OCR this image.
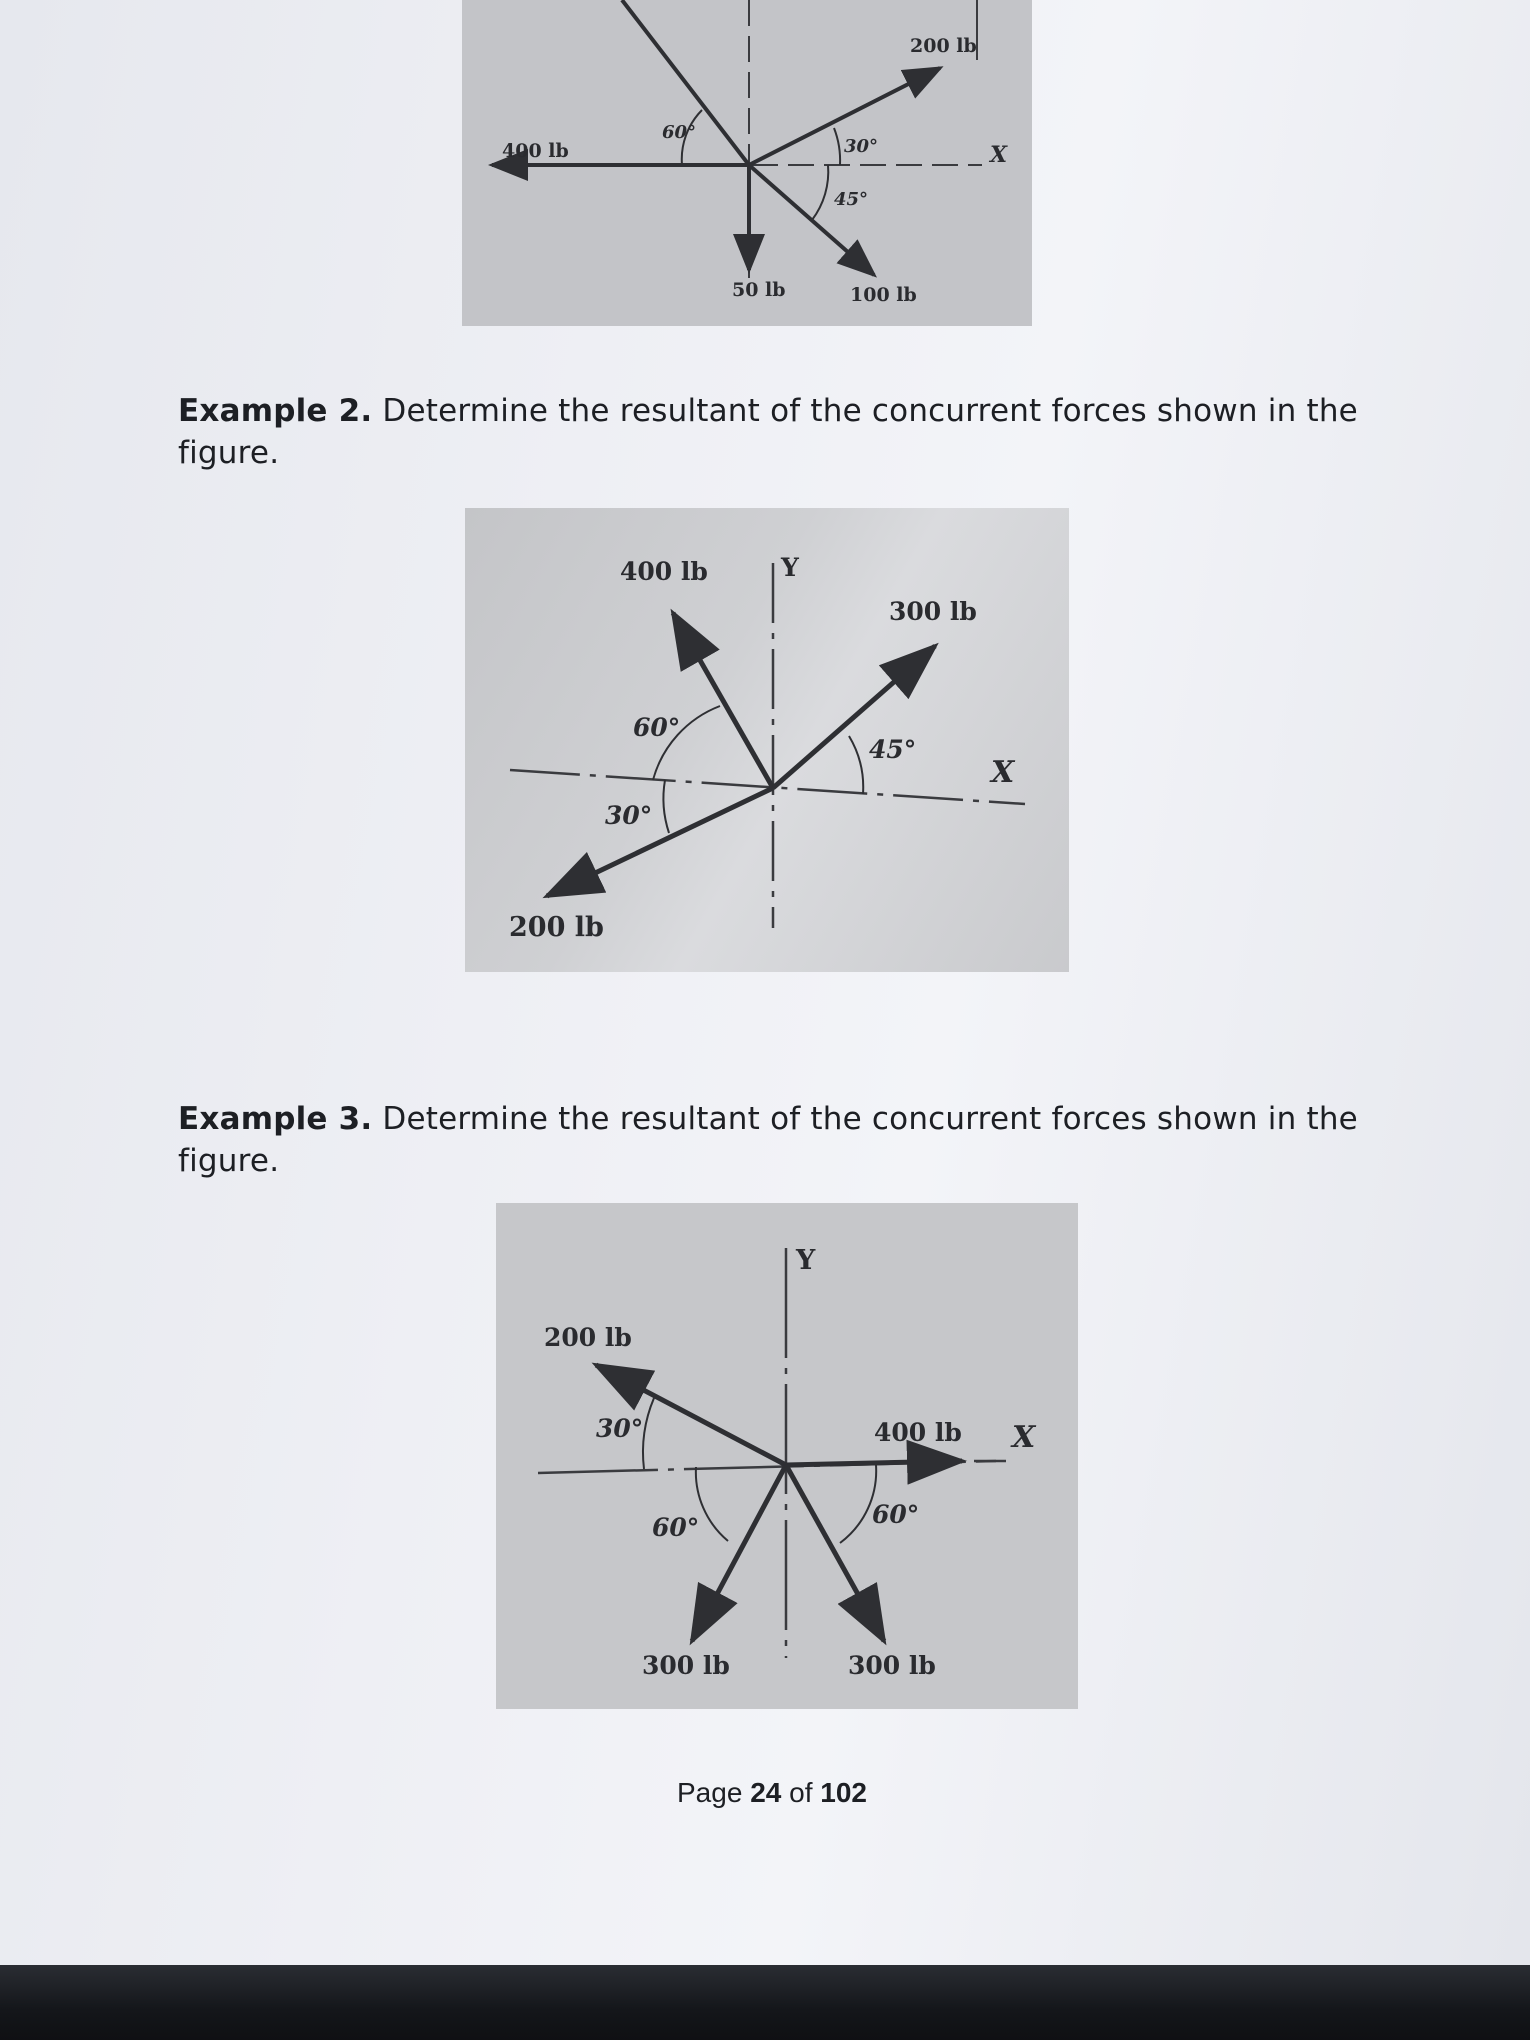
200 lb
400 lb
50 lb	100 lb
60°
30°
45°
X
Example 2. Determine the resultant of the concurrent forces shown in the figure.
400 lb
300 lb
200 lb
60°
45°
30°
X
Y
Example 3. Determine the resultant of the concurrent forces shown in the figure.
200 lb
400 lb
300 lb	300 lb
30°
60°	60°
X
Y
Page 24 of 102
